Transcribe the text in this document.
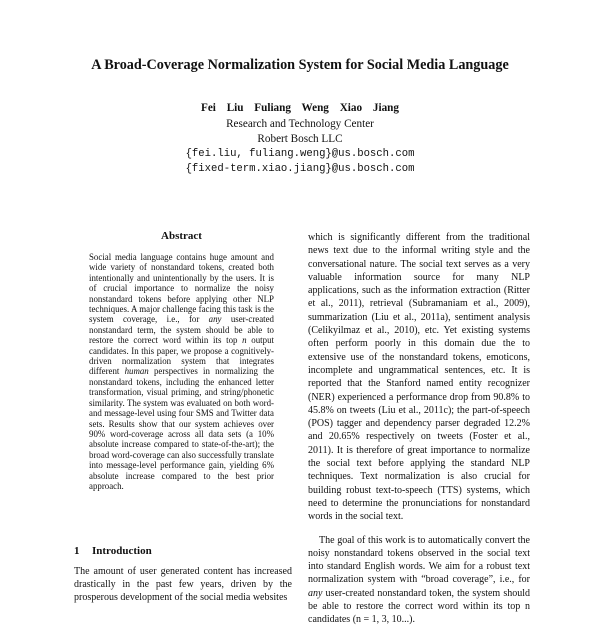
A Broad-Coverage Normalization System for Social Media Language
Fei Liu Fuliang Weng Xiao Jiang
Research and Technology Center
Robert Bosch LLC
{fei.liu, fuliang.weng}@us.bosch.com
{fixed-term.xiao.jiang}@us.bosch.com
Abstract

Social media language contains huge amount and wide variety of nonstandard tokens, created both intentionally and unintentionally by the users. It is of crucial importance to normalize the noisy nonstandard tokens before applying other NLP techniques. A major challenge facing this task is the system coverage, i.e., for any user-created nonstandard term, the system should be able to restore the correct word within its top n output candidates. In this paper, we propose a cognitively-driven normalization system that integrates different human perspectives in normalizing the nonstandard tokens, including the enhanced letter transformation, visual priming, and string/phonetic similarity. The system was evaluated on both word- and message-level using four SMS and Twitter data sets. Results show that our system achieves over 90% word-coverage across all data sets (a 10% absolute increase compared to state-of-the-art); the broad word-coverage can also successfully translate into message-level performance gain, yielding 6% absolute increase compared to the best prior approach.

1 Introduction

The amount of user generated content has increased drastically in the past few years, driven by the prosperous development of the social media websites

which is significantly different from the traditional news text due to the informal writing style and the conversational nature. The social text serves as a very valuable information source for many NLP applications, such as the information extraction (Ritter et al., 2011), retrieval (Subramaniam et al., 2009), summarization (Liu et al., 2011a), sentiment analysis (Celikyilmaz et al., 2010), etc. Yet existing systems often perform poorly in this domain due the to extensive use of the nonstandard tokens, emoticons, incomplete and ungrammatical sentences, etc. It is reported that the Stanford named entity recognizer (NER) experienced a performance drop from 90.8% to 45.8% on tweets (Liu et al., 2011c); the part-of-speech (POS) tagger and dependency parser degraded 12.2% and 20.65% respectively on tweets (Foster et al., 2011). It is therefore of great importance to normalize the social text before applying the standard NLP techniques. Text normalization is also crucial for building robust text-to-speech (TTS) systems, which need to determine the pronunciations for nonstandard words in the social text.

The goal of this work is to automatically convert the noisy nonstandard tokens observed in the social text into standard English words. We aim for a robust text normalization system with “broad coverage”, i.e., for any user-created nonstandard token, the system should be able to restore the correct word within its top n candidates (n = 1, 3, 10...).
